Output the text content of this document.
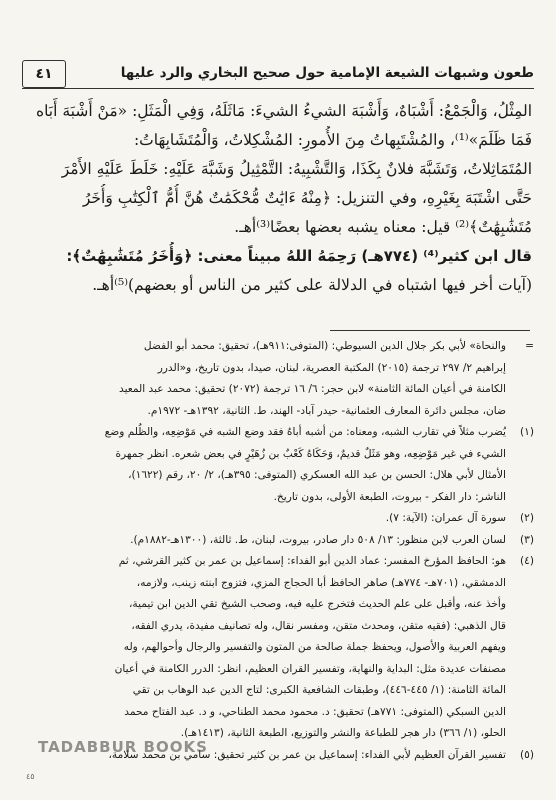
طعون وشبهات الشيعة الإمامية حول صحيح البخاري والرد عليها
٤١
المِثْلُ، وَالْجَمْعُ: أَشْبَاهٌ، وَأَشْبَهَ الشيءُ الشيءَ: مَاثَلَهُ، وَفِي الْمَثَلِ: «مَنْ أَشْبَهَ أَبَاه
فَمَا ظَلَمَ»⁽¹⁾، والمُشْتَبِهاتُ مِنَ الأُمورِ: المُشْكِلاتُ، وَالْمُتَشَابِهَاتُ:
المُتَمَاثِلاتُ، وَتَشَبَّهَ فلانٌ بِكَذَا، وَالتَّشْبِيهُ: التَّمْثِيلُ وَشَبَّهَ عَلَيْهِ: خَلَطَ عَلَيْهِ الأَمْرَ
حَتَّى اشْتَبَهَ بِغَيْرِهِ، وفي التنزيل: ﴿مِنْهُ ءَايَٰتٌ مُّحْكَمَٰتٌ هُنَّ أُمُّ ٱلْكِتَٰبِ وَأُخَرُ
مُتَشَٰبِهَٰتٌ﴾⁽²⁾ قيل: معناه يشبه بعضها بعضًا⁽³⁾أهـ.
قال ابن كثير⁽⁴⁾ (٧٧٤هـ) رَحِمَهُ اللهُ مبيناً معنى: ﴿وَأُخَرُ مُتَشَٰبِهَٰتٌ﴾:
(آيات أخر فيها اشتباه في الدلالة على كثير من الناس أو بعضهم)⁽⁵⁾أهـ.
=
والنحاة» لأبي بكر جلال الدين السيوطي: (المتوفى:٩١١هـ)، تحقيق: محمد أبو الفضل
إبراهيم ٢/ ٢٩٧ ترجمة (٢٠١٥) المكتبة العصرية، لبنان، صيدا، بدون تاريخ، و«الدرر
الكامنة في أعيان المائة الثامنة» لابن حجر: ٦/ ١٦ ترجمة (٢٠٧٢) تحقيق: محمد عبد المعيد
ضان، مجلس دائرة المعارف العثمانية- حيدر آباد- الهند، ط. الثانية، ١٣٩٢هـ- ١٩٧٢م.
(١)
يُضرب مثلاً في تقارب الشبه، ومعناه: من أشبه أباهُ فقد وضع الشبه في مَوْضِعِه، والظُلم وضع
الشيء في غير مَوْضِعِه، وهو مَثَلٌ قديمٌ، وَحَكَاهُ كَعْبٌ بن زُهَيْرٍ في بعض شعره. انظر جمهرة
الأمثال لأبي هلال: الحسن بن عبد الله العسكري (المتوفى: ٣٩٥هـ)، ٢/ ٢٠، رقم (١٦٢٢)،
الناشر: دار الفكر - بيروت، الطبعة الأولى، بدون تاريخ.
(٢)
سورة آل عمران: (الآية: ٧).
(٣)
لسان العرب لابن منظور: ١٣/ ٥٠٨ دار صادر، بيروت، لبنان، ط. ثالثة، (١٣٠٠هـ-١٨٨٢م).
(٤)
هو: الحافظ المؤرخ المفسر: عماد الدين أبو الفداء: إسماعيل بن عمر بن كثير القرشي، ثم
الدمشقي، (٧٠١هـ- ٧٧٤هـ) صاهر الحافظ أبا الحجاج المزي، فتزوج ابنته زينب، ولازمه،
وأخذ عنه، وأقبل على علم الحديث فتخرج عليه فيه، وصحب الشيخ تقي الدين ابن تيمية،
قال الذهبي: (فقيه متقن، ومحدث متقن، ومفسر نقال، وله تصانيف مفيدة، يدري الفقه،
ويفهم العربية والأصول، ويحفظ جملة صالحة من المتون والتفسير والرجال وأحوالهم، وله
مصنفات عديدة مثل: البداية والنهاية، وتفسير القران العظيم، انظر: الدرر الكامنة في أعيان
المائة الثامنة: (١/ ٤٤٥-٤٤٦)، وطبقات الشافعية الكبرى: لتاج الدين عبد الوهاب بن تقي
الدين السبكي (المتوفى: ٧٧١هـ) تحقيق: د. محمود محمد الطناحي، و د. عبد الفتاح محمد
الحلو، (١/ ٣٦٦) دار هجر للطباعة والنشر والتوزيع، الطبعة الثانية، (١٤١٣هـ).
(٥)
تفسير القرآن العظيم لأبي الفداء: إسماعيل بن عمر بن كثير تحقيق: سامي بن محمد سلامة،
TADABBUR BOOKS
٤٥
